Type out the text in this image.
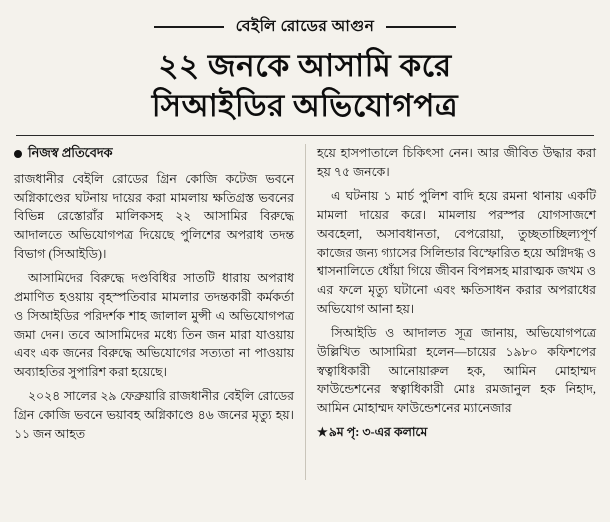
বেইলি রোডের আগুন
২২ জনকে আসামি করে
সিআইডির অভিযোগপত্র
নিজস্ব প্রতিবেদক

রাজধানীর বেইলি রোডের গ্রিন কোজি কটেজ ভবনে অগ্নিকাণ্ডের ঘটনায় দায়ের করা মামলায় ক্ষতিগ্রস্ত ভবনের বিভিন্ন রেস্তোরাঁর মালিকসহ ২২ আসামির বিরুদ্ধে আদালতে অভিযোগপত্র দিয়েছে পুলিশের অপরাধ তদন্ত বিভাগ (সিআইডি)।

আসামিদের বিরুদ্ধে দণ্ডবিধির সাতটি ধারায় অপরাধ প্রমাণিত হওয়ায় বৃহস্পতিবার মামলার তদন্তকারী কর্মকর্তা ও সিআইডির পরিদর্শক শাহ জালাল মুন্সী এ অভিযোগপত্র জমা দেন। তবে আসামিদের মধ্যে তিন জন মারা যাওয়ায় এবং এক জনের বিরুদ্ধে অভিযোগের সত্যতা না পাওয়ায় অব্যাহতির সুপারিশ করা হয়েছে।

২০২৪ সালের ২৯ ফেব্রুয়ারি রাজধানীর বেইলি রোডের গ্রিন কোজি ভবনে ভয়াবহ অগ্নিকাণ্ডে ৪৬ জনের মৃত্যু হয়। ১১ জন আহত

হয়ে হাসপাতালে চিকিৎসা নেন। আর জীবিত উদ্ধার করা হয় ৭৫ জনকে।

এ ঘটনায় ১ মার্চ পুলিশ বাদি হয়ে রমনা থানায় একটি মামলা দায়ের করে। মামলায় পরস্পর যোগসাজশে অবহেলা, অসাবধানতা, বেপরোয়া, তুচ্ছতাচ্ছিল্যপূর্ণ কাজের জন্য গ্যাসের সিলিন্ডার বিস্ফোরিত হয়ে অগ্নিদগ্ধ ও শ্বাসনালিতে ধোঁয়া গিয়ে জীবন বিপন্নসহ মারাত্মক জখম ও এর ফলে মৃত্যু ঘটানো এবং ক্ষতিসাধন করার অপরাধের অভিযোগ আনা হয়।

সিআইডি ও আদালত সূত্র জানায়, অভিযোগপত্রে উল্লিখিত আসামিরা হলেন—চায়ের ১৯৮০ কফিশপের স্বত্বাধিকারী আনোয়ারুল হক, আমিন মোহাম্মদ ফাউন্ডেশনের স্বত্বাধিকারী মোঃ রমজানুল হক নিহাদ, আমিন মোহাম্মদ ফাউন্ডেশনের ম্যানেজার

★৯ম পৃ: ৩-এর কলামে
